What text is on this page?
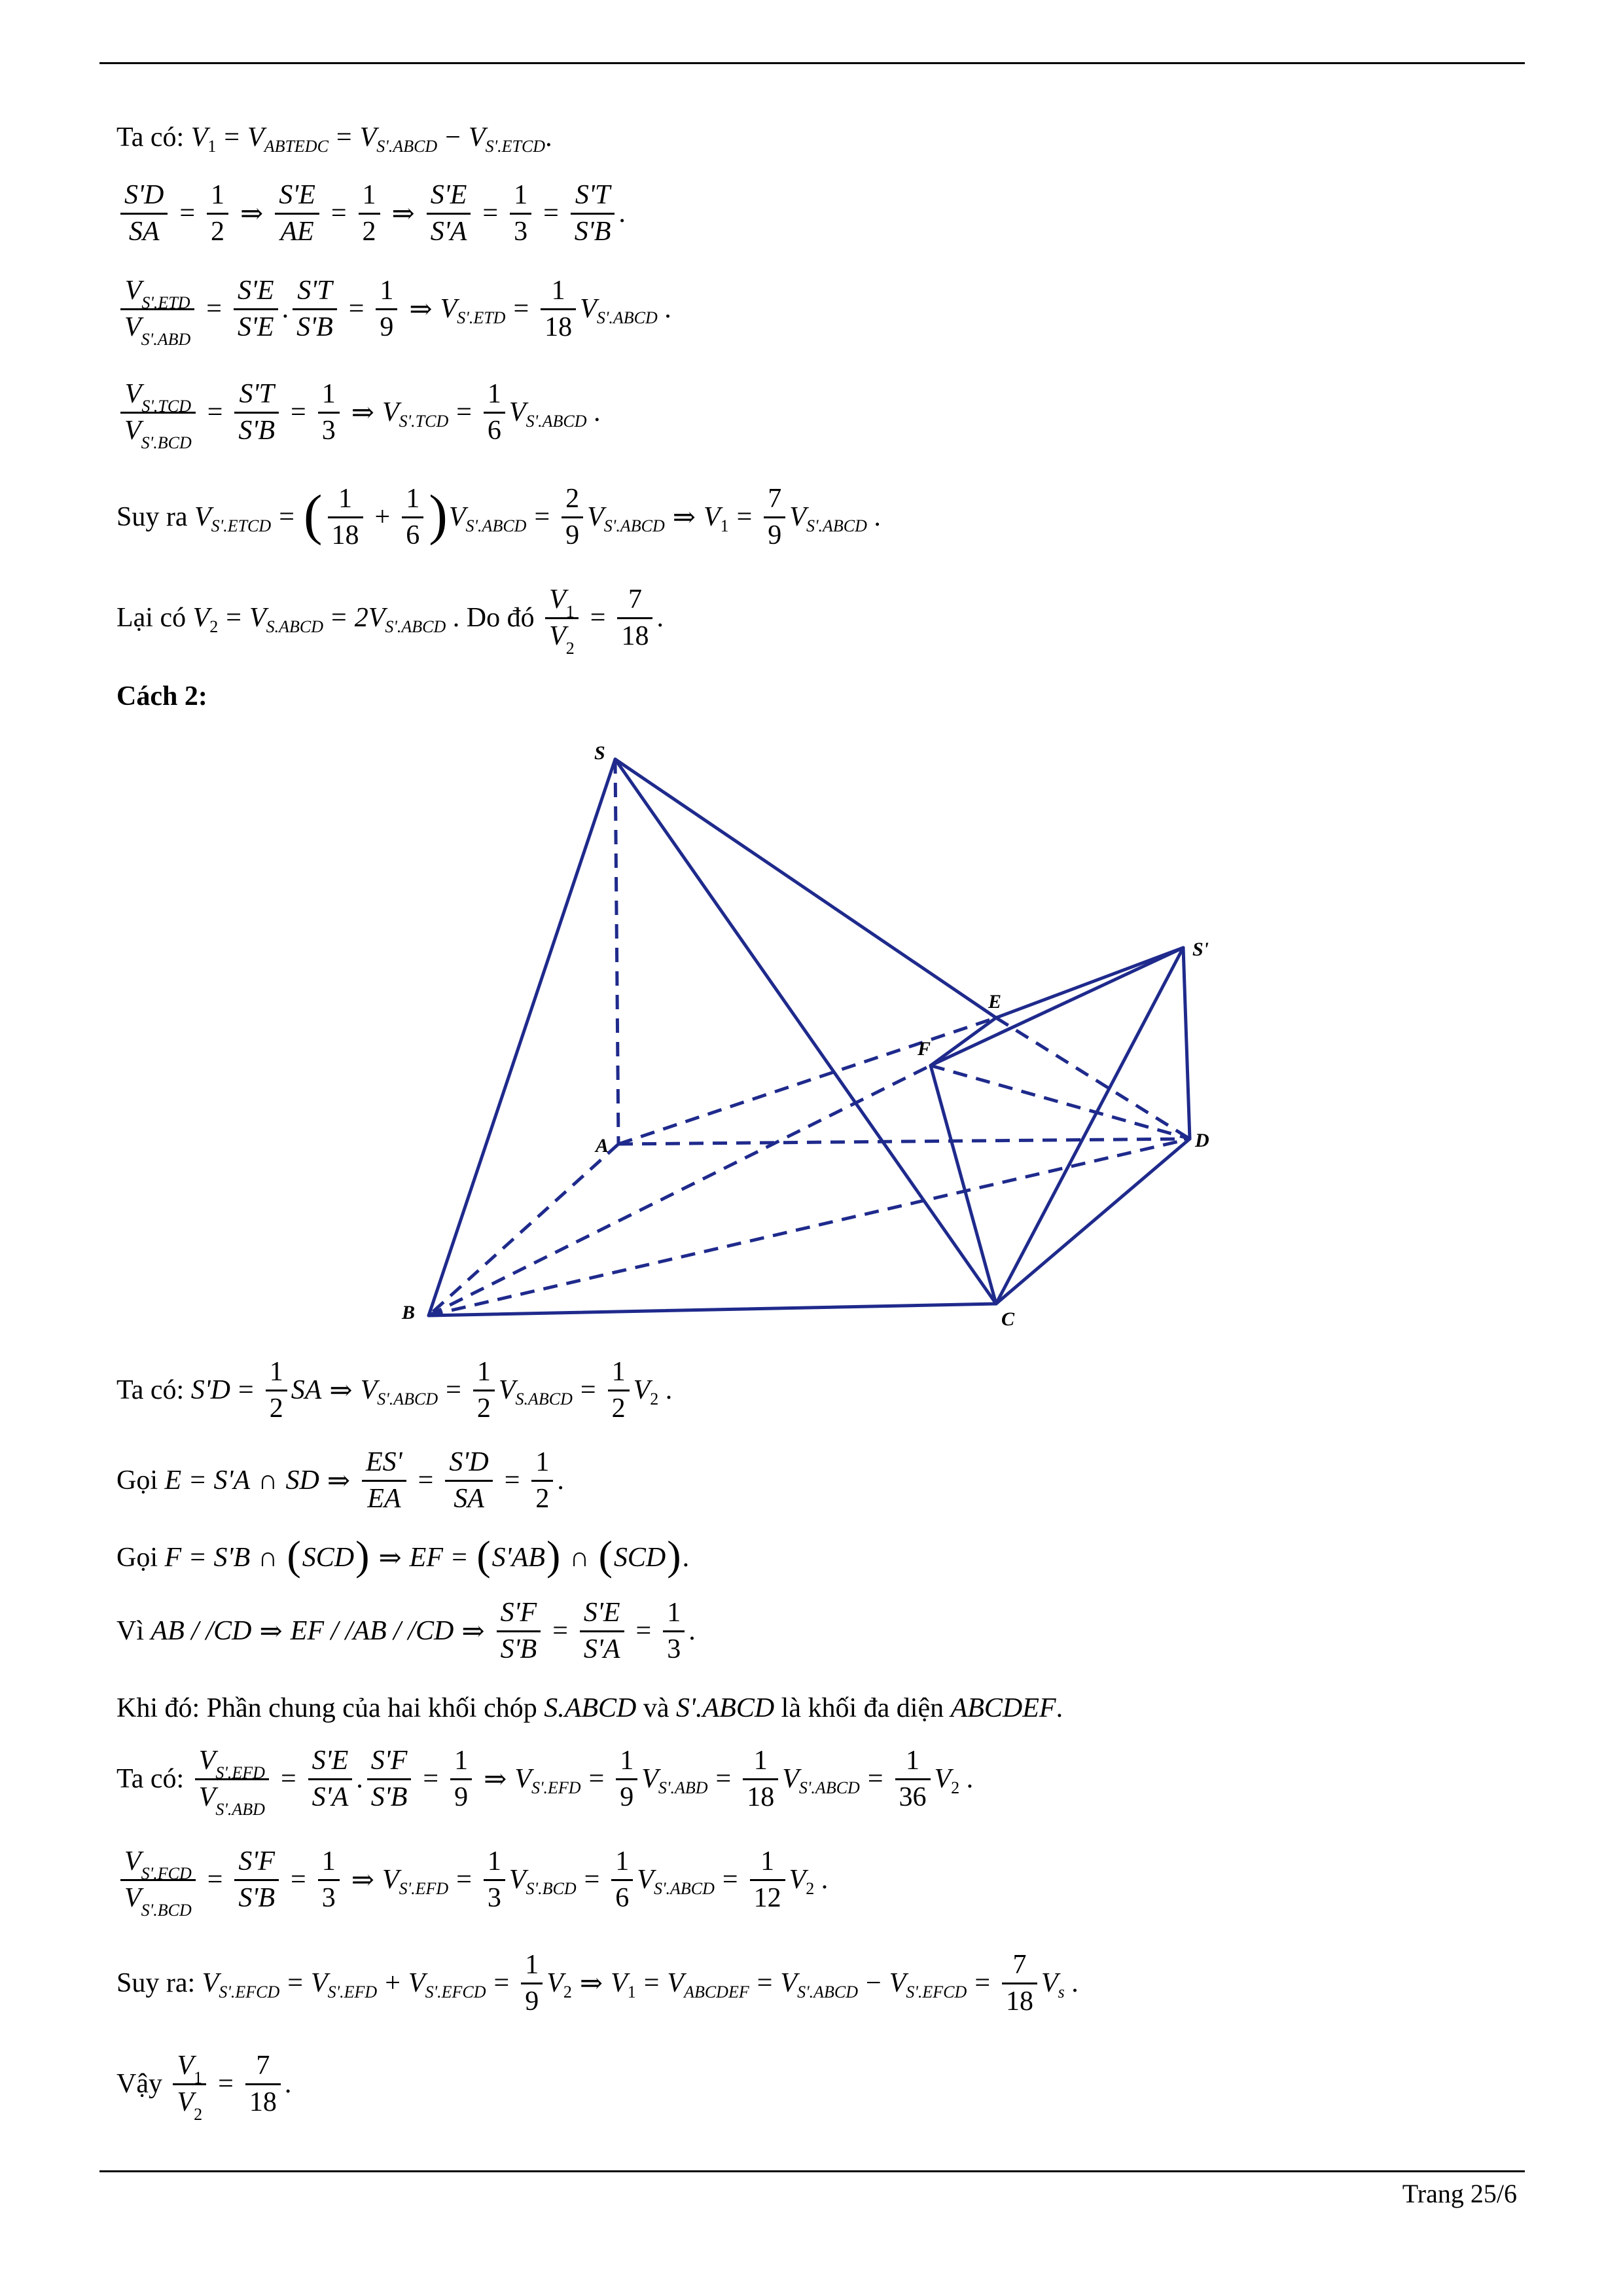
Ta có:
V 1 = V ABTEDC = V S'.ABCD − V S'.ETCD .
$\frac{S'D}{SA} = \frac{1}{2}$ ⇒ $\frac{S'E}{AE} = \frac{1}{2}$ ⇒ $\frac{S'E}{S'A} = \frac{1}{3} = \frac{S'T}{S'B}$ .
$\frac{V_{S'.ETD}}{V_{S'.ABD}} = \frac{S'E}{S'E}$ . $\frac{S'T}{S'B} = \frac{1}{9}$ ⇒ V $S'.ETD = \frac{1}{18}$ V S'.ABCD .
$\frac{V_{S'.TCD}}{V_{S'.BCD}} = \frac{S'T}{S'B} = \frac{1}{3}$ ⇒ V $S'.TCD = \frac{1}{6}$ V S'.ABCD .
Suy ra
V S'.ETCD = ( $\frac{1}{18} + \frac{1}{6}$ ) V S'.ABCD = $\frac{2}{9}$ V S'.ABCD ⇒ V $1 = \frac{7}{9}$ V S'.ABCD .
Lại có
V 2 = V S.ABCD = 2V S'.ABCD
. Do đó
$\frac{V_1}{V_2} = \frac{7}{18}$ .
Cách 2:
S
S'
E
F
A	D
B	C
Ta có:
$S'D = \frac{1}{2}$ SA ⇒ V S'.ABCD = $\frac{1}{2}$ V S.ABCD = $\frac{1}{2}$ V 2 .
Gọi
E = S'A ∩ SD ⇒ $\frac{ES'}{EA} = \frac{S'D}{SA} = \frac{1}{2}$ .
Gọi
F = S'B ∩ ( SCD ) ⇒ EF =
( S'AB ) ∩ ( SCD ) .
Vì
AB / /CD ⇒ EF / /AB / /CD ⇒ $\frac{S'F}{S'B} = \frac{S'E}{S'A} = \frac{1}{3}$ .
Khi đó: Phần chung của hai khối chóp
S.ABCD
và
S'.ABCD
là khối đa diện
ABCDEF .
Ta có:
$\frac{V_{S'.EFD}}{V_{S'.ABD}} = \frac{S'E}{S'A}$ . $\frac{S'F}{S'B} = \frac{1}{9}$ ⇒ V $S'.EFD = \frac{1}{9}$ V $S'.ABD = \frac{1}{18}$ V S'.ABCD = $\frac{1}{36}$ V 2 .
$\frac{V_{S'.FCD}}{V_{S'.BCD}} = \frac{S'F}{S'B} = \frac{1}{3}$ ⇒ V $S'.EFD = \frac{1}{3}$ V $S'.BCD = \frac{1}{6}$ V S'.ABCD = $\frac{1}{12}$ V 2 .
Suy ra:
V S'.EFCD = V S'.EFD + V S'.EFCD = $\frac{1}{9}$ V 2 ⇒ V 1 = V ABCDEF = V S'.ABCD − V S'.EFCD = $\frac{7}{18}$ V s .
Vậy
$\frac{V_1}{V_2} = \frac{7}{18}$ .
Trang 25/6
